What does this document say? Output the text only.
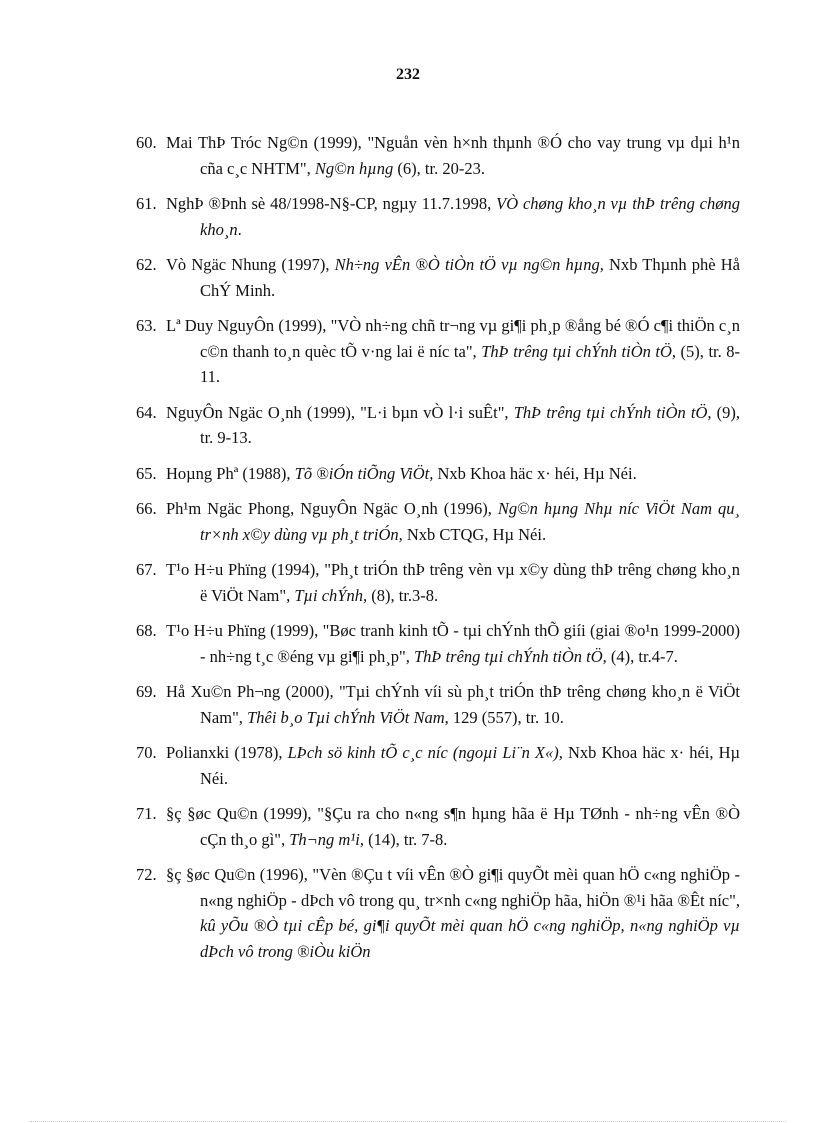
232
60. Mai ThÞ Tróc Ng©n (1999), "Nguån vèn h×nh thµnh ®Ó cho vay trung vµ dµi h¹n cña c¸c NHTM", Ng©n hµng (6), tr. 20-23.
61. NghÞ ®Þnh sè 48/1998-N§-CP, ngµy 11.7.1998, VÒ chøng kho¸n vµ thÞ trêng chøng kho¸n.
62. Vò Ngäc Nhung (1997), Nh÷ng vÊn ®Ò tiÒn tÖ vµ ng©n hµng, Nxb Thµnh phè Hå ChÝ Minh.
63. Lª Duy NguyÔn (1999), "VÒ nh÷ng chñ tr¬ng vµ gi¶i ph¸p ®ång bé ®Ó c¶i thiÖn c¸n c©n thanh to¸n quèc tÕ v·ng lai ë níc ta", ThÞ trêng tµi chÝnh tiÒn tÖ, (5), tr. 8-11.
64. NguyÔn Ngäc O¸nh (1999), "L·i bµn vÒ l·i suÊt", ThÞ trêng tµi chÝnh tiÒn tÖ, (9), tr. 9-13.
65. Hoµng Phª (1988), Tõ ®iÓn tiÕng ViÖt, Nxb Khoa häc x· héi, Hµ Néi.
66. Ph¹m Ngäc Phong, NguyÔn Ngäc O¸nh (1996), Ng©n hµng Nhµ níc ViÖt Nam qu¸ tr×nh x©y dùng vµ ph¸t triÓn, Nxb CTQG, Hµ Néi.
67. T¹o H÷u Phïng (1994), "Ph¸t triÓn thÞ trêng vèn vµ x©y dùng thÞ trêng chøng kho¸n ë ViÖt Nam", Tµi chÝnh, (8), tr.3-8.
68. T¹o H÷u Phïng (1999), "Bøc tranh kinh tÕ - tµi chÝnh thÕ giíi (giai ®o¹n 1999-2000) - nh÷ng t¸c ®éng vµ gi¶i ph¸p", ThÞ trêng tµi chÝnh tiÒn tÖ, (4), tr.4-7.
69. Hå Xu©n Ph¬ng (2000), "Tµi chÝnh víi sù ph¸t triÓn thÞ trêng chøng kho¸n ë ViÖt Nam", Thêi b¸o Tµi chÝnh ViÖt Nam, 129 (557), tr. 10.
70. Polianxki (1978), LÞch sö kinh tÕ c¸c níc (ngoµi Li¨n X«), Nxb Khoa häc x· héi, Hµ Néi.
71. §ç §øc Qu©n (1999), "§Çu ra cho n«ng s¶n hµng hãa ë Hµ TØnh - nh÷ng vÊn ®Ò cÇn th¸o gì", Th¬ng m¹i, (14), tr. 7-8.
72. §ç §øc Qu©n (1996), "Vèn ®Çu t víi vÊn ®Ò gi¶i quyÕt mèi quan hÖ c«ng nghiÖp - n«ng nghiÖp - dÞch vô trong qu¸ tr×nh c«ng nghiÖp hãa, hiÖn ®¹i hãa ®Êt níc", kû yÕu ®Ò tµi cÊp bé, gi¶i quyÕt mèi quan hÖ c«ng nghiÖp, n«ng nghiÖp vµ dÞch vô trong ®iÒu kiÖn
